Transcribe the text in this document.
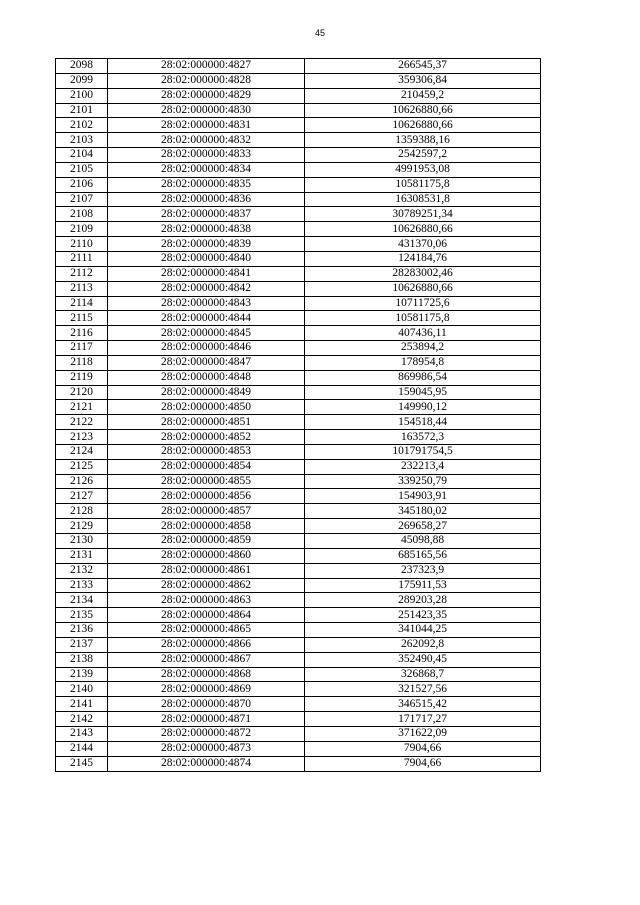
45
2098	28:02:000000:4827	266545,37
2099	28:02:000000:4828	359306,84
2100	28:02:000000:4829	210459,2
2101	28:02:000000:4830	10626880,66
2102	28:02:000000:4831	10626880,66
2103	28:02:000000:4832	1359388,16
2104	28:02:000000:4833	2542597,2
2105	28:02:000000:4834	4991953,08
2106	28:02:000000:4835	10581175,8
2107	28:02:000000:4836	16308531,8
2108	28:02:000000:4837	30789251,34
2109	28:02:000000:4838	10626880,66
2110	28:02:000000:4839	431370,06
2111	28:02:000000:4840	124184,76
2112	28:02:000000:4841	28283002,46
2113	28:02:000000:4842	10626880,66
2114	28:02:000000:4843	10711725,6
2115	28:02:000000:4844	10581175,8
2116	28:02:000000:4845	407436,11
2117	28:02:000000:4846	253894,2
2118	28:02:000000:4847	178954,8
2119	28:02:000000:4848	869986,54
2120	28:02:000000:4849	159045,95
2121	28:02:000000:4850	149990,12
2122	28:02:000000:4851	154518,44
2123	28:02:000000:4852	163572,3
2124	28:02:000000:4853	101791754,5
2125	28:02:000000:4854	232213,4
2126	28:02:000000:4855	339250,79
2127	28:02:000000:4856	154903,91
2128	28:02:000000:4857	345180,02
2129	28:02:000000:4858	269658,27
2130	28:02:000000:4859	45098,88
2131	28:02:000000:4860	685165,56
2132	28:02:000000:4861	237323,9
2133	28:02:000000:4862	175911,53
2134	28:02:000000:4863	289203,28
2135	28:02:000000:4864	251423,35
2136	28:02:000000:4865	341044,25
2137	28:02:000000:4866	262092,8
2138	28:02:000000:4867	352490,45
2139	28:02:000000:4868	326868,7
2140	28:02:000000:4869	321527,56
2141	28:02:000000:4870	346515,42
2142	28:02:000000:4871	171717,27
2143	28:02:000000:4872	371622,09
2144	28:02:000000:4873	7904,66
2145	28:02:000000:4874	7904,66
